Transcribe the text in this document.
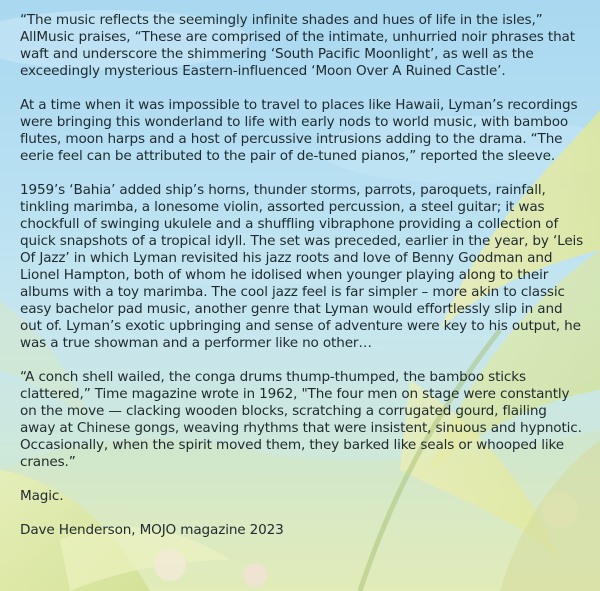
“The music reflects the seemingly infinite shades and hues of life in the isles,” AllMusic praises, “These are comprised of the intimate, unhurried noir phrases that waft and underscore the shimmering ‘South Pacific Moonlight’, as well as the exceedingly mysterious Eastern-influenced ‘Moon Over A Ruined Castle’.

At a time when it was impossible to travel to places like Hawaii, Lyman’s recordings were bringing this wonderland to life with early nods to world music, with bamboo flutes, moon harps and a host of percussive intrusions adding to the drama. “The eerie feel can be attributed to the pair of de-tuned pianos,” reported the sleeve.

1959’s ‘Bahia’ added ship’s horns, thunder storms, parrots, paroquets, rainfall, tinkling marimba, a lonesome violin, assorted percussion, a steel guitar; it was chockfull of swinging ukulele and a shuffling vibraphone providing a collection of quick snapshots of a tropical idyll. The set was preceded, earlier in the year, by ‘Leis Of Jazz’ in which Lyman revisited his jazz roots and love of Benny Goodman and Lionel Hampton, both of whom he idolised when younger playing along to their albums with a toy marimba. The cool jazz feel is far simpler – more akin to classic easy bachelor pad music, another genre that Lyman would effortlessly slip in and out of. Lyman’s exotic upbringing and sense of adventure were key to his output, he was a true showman and a performer like no other…

“A conch shell wailed, the conga drums thump-thumped, the bamboo sticks clattered,” Time magazine wrote in 1962, "The four men on stage were constantly on the move — clacking wooden blocks, scratching a corrugated gourd, flailing away at Chinese gongs, weaving rhythms that were insistent, sinuous and hypnotic. Occasionally, when the spirit moved them, they barked like seals or whooped like cranes.”

Magic.

Dave Henderson, MOJO magazine 2023
